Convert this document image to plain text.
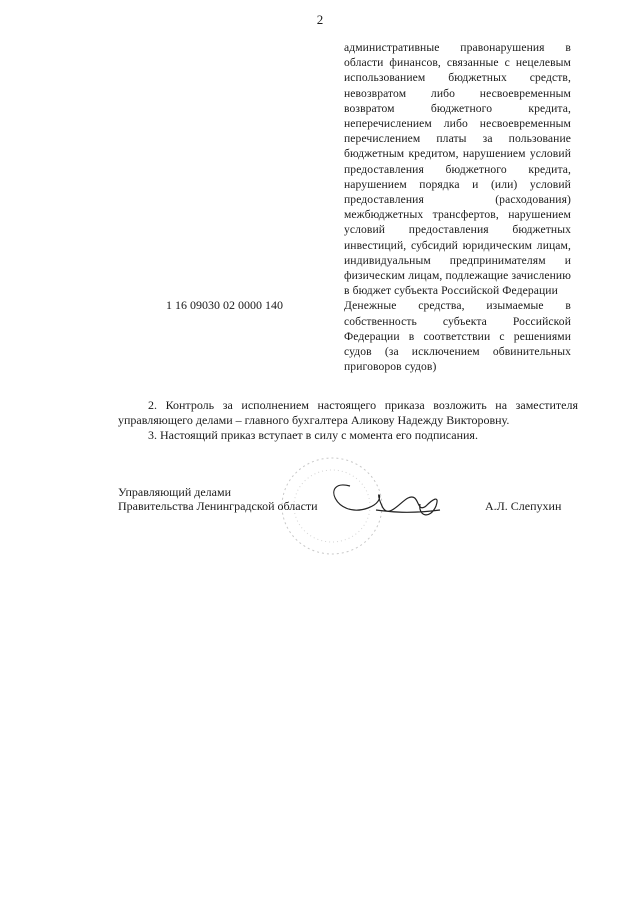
2
административные правонарушения в области финансов, связанные с нецелевым использованием бюджетных средств, невозвратом либо несвоевременным возвратом бюджетного кредита, неперечислением либо несвоевременным перечислением платы за пользование бюджетным кредитом, нарушением условий предоставления бюджетного кредита, нарушением порядка и (или) условий предоставления (расходования) межбюджетных трансфертов, нарушением условий предоставления бюджетных инвестиций, субсидий юридическим лицам, индивидуальным предпринимателям и физическим лицам, подлежащие зачислению в бюджет субъекта Российской Федерации
1 16 09030 02 0000 140	Денежные средства, изымаемые в собственность субъекта Российской Федерации в соответствии с решениями судов (за исключением обвинительных приговоров судов)
2. Контроль за исполнением настоящего приказа возложить на заместителя управляющего делами – главного бухгалтера Аликову Надежду Викторовну.
3. Настоящий приказ вступает в силу с момента его подписания.
Управляющий делами
Правительства Ленинградской области	А.Л. Слепухин
